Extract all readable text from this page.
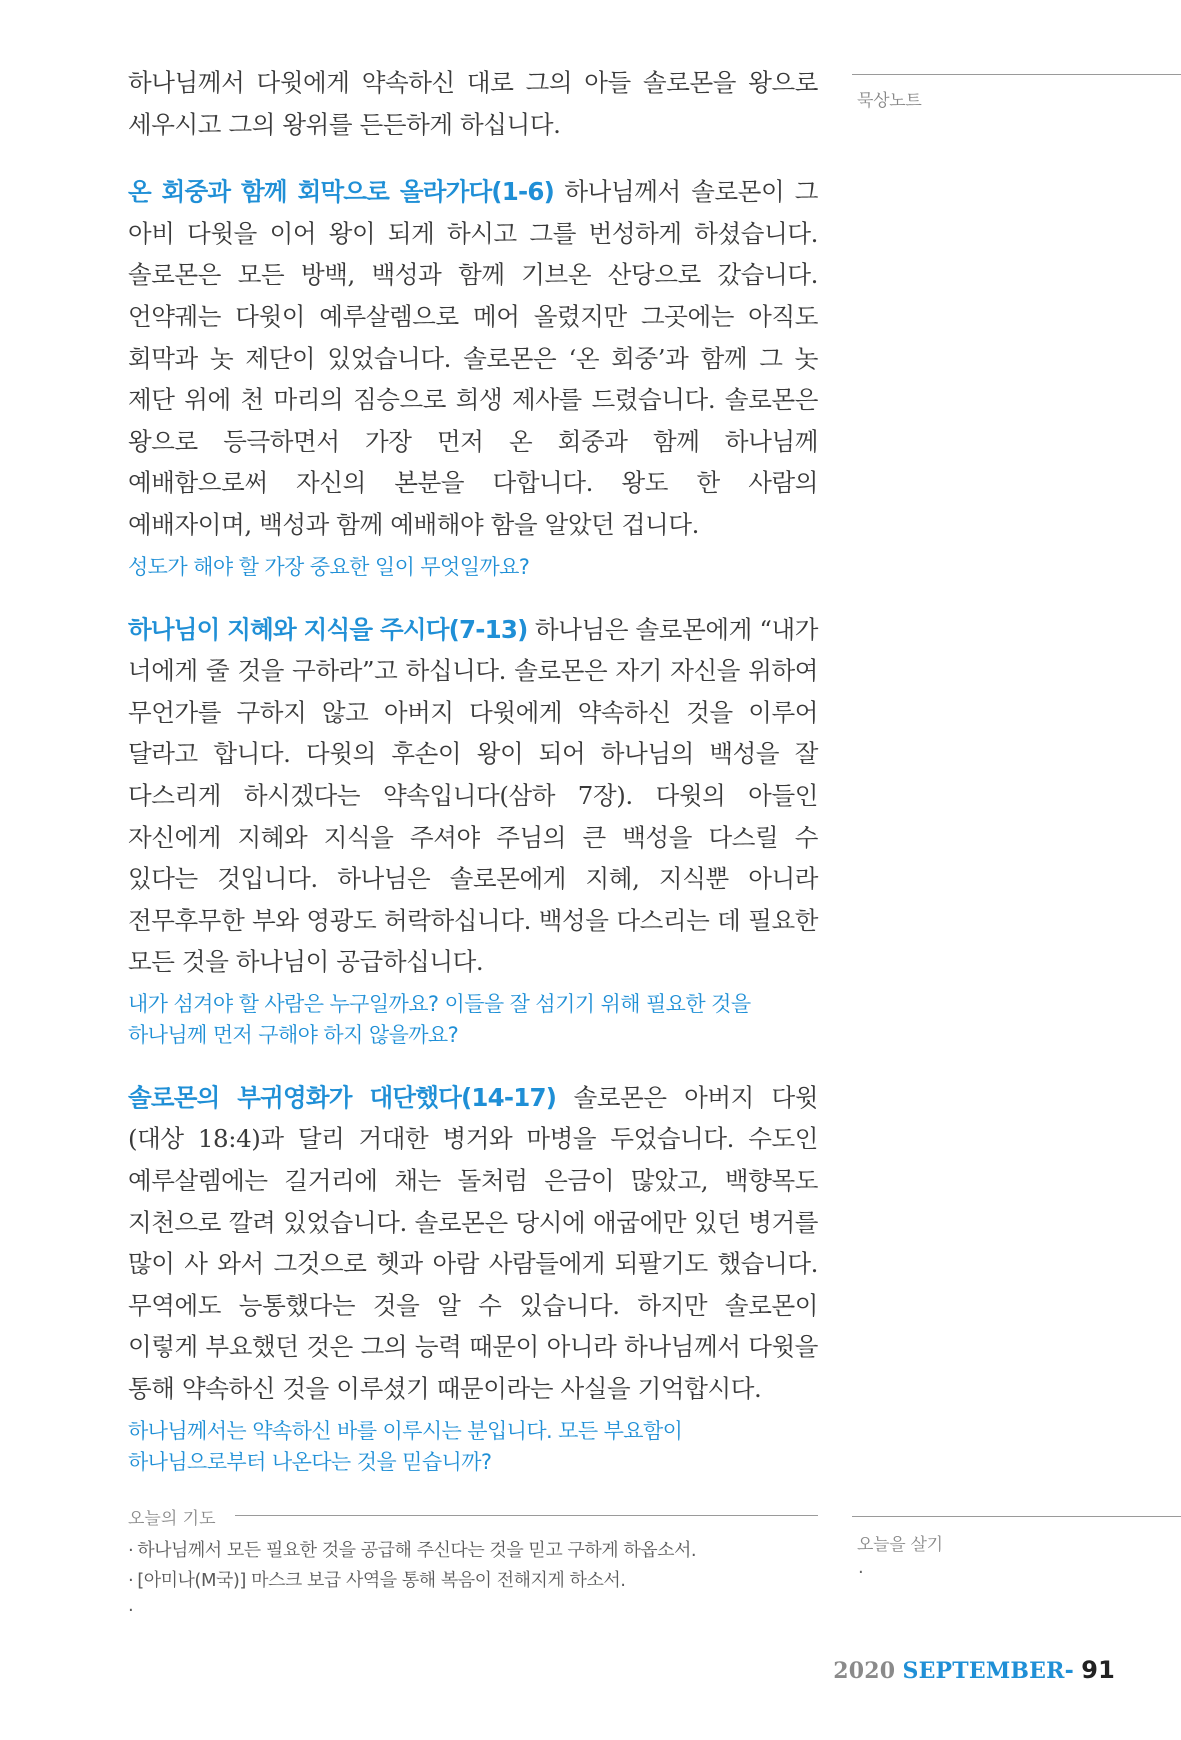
하나님께서 다윗에게 약속하신 대로 그의 아들 솔로몬을 왕으로 세우시고 그의 왕위를 든든하게 하십니다.

온 회중과 함께 회막으로 올라가다(1-6) 하나님께서 솔로몬이 그 아비 다윗을 이어 왕이 되게 하시고 그를 번성하게 하셨습니다. 솔로몬은 모든 방백, 백성과 함께 기브온 산당으로 갔습니다. 언약궤는 다윗이 예루살렘으로 메어 올렸지만 그곳에는 아직도 회막과 놋 제단이 있었습니다. 솔로몬은 ‘온 회중’과 함께 그 놋 제단 위에 천 마리의 짐승으로 희생 제사를 드렸습니다. 솔로몬은 왕으로 등극하면서 가장 먼저 온 회중과 함께 하나님께 예배함으로써 자신의 본분을 다합니다. 왕도 한 사람의 예배자이며, 백성과 함께 예배해야 함을 알았던 겁니다.

성도가 해야 할 가장 중요한 일이 무엇일까요?

하나님이 지혜와 지식을 주시다(7-13) 하나님은 솔로몬에게 “내가 너에게 줄 것을 구하라”고 하십니다. 솔로몬은 자기 자신을 위하여 무언가를 구하지 않고 아버지 다윗에게 약속하신 것을 이루어 달라고 합니다. 다윗의 후손이 왕이 되어 하나님의 백성을 잘 다스리게 하시겠다는 약속입니다(삼하 7장). 다윗의 아들인 자신에게 지혜와 지식을 주셔야 주님의 큰 백성을 다스릴 수 있다는 것입니다. 하나님은 솔로몬에게 지혜, 지식뿐 아니라 전무후무한 부와 영광도 허락하십니다. 백성을 다스리는 데 필요한 모든 것을 하나님이 공급하십니다.

내가 섬겨야 할 사람은 누구일까요? 이들을 잘 섬기기 위해 필요한 것을 하나님께 먼저 구해야 하지 않을까요?

솔로몬의 부귀영화가 대단했다(14-17) 솔로몬은 아버지 다윗(대상 18:4)과 달리 거대한 병거와 마병을 두었습니다. 수도인 예루살렘에는 길거리에 채는 돌처럼 은금이 많았고, 백향목도 지천으로 깔려 있었습니다. 솔로몬은 당시에 애굽에만 있던 병거를 많이 사 와서 그것으로 헷과 아람 사람들에게 되팔기도 했습니다. 무역에도 능통했다는 것을 알 수 있습니다. 하지만 솔로몬이 이렇게 부요했던 것은 그의 능력 때문이 아니라 하나님께서 다윗을 통해 약속하신 것을 이루셨기 때문이라는 사실을 기억합시다.

하나님께서는 약속하신 바를 이루시는 분입니다. 모든 부요함이 하나님으로부터 나온다는 것을 믿습니까?

묵상노트
오늘을 살기
·
오늘의 기도
· 하나님께서 모든 필요한 것을 공급해 주신다는 것을 믿고 구하게 하옵소서.
· [아미나(M국)] 마스크 보급 사역을 통해 복음이 전해지게 하소서.
·
2020 SEPTEMBER- 91
